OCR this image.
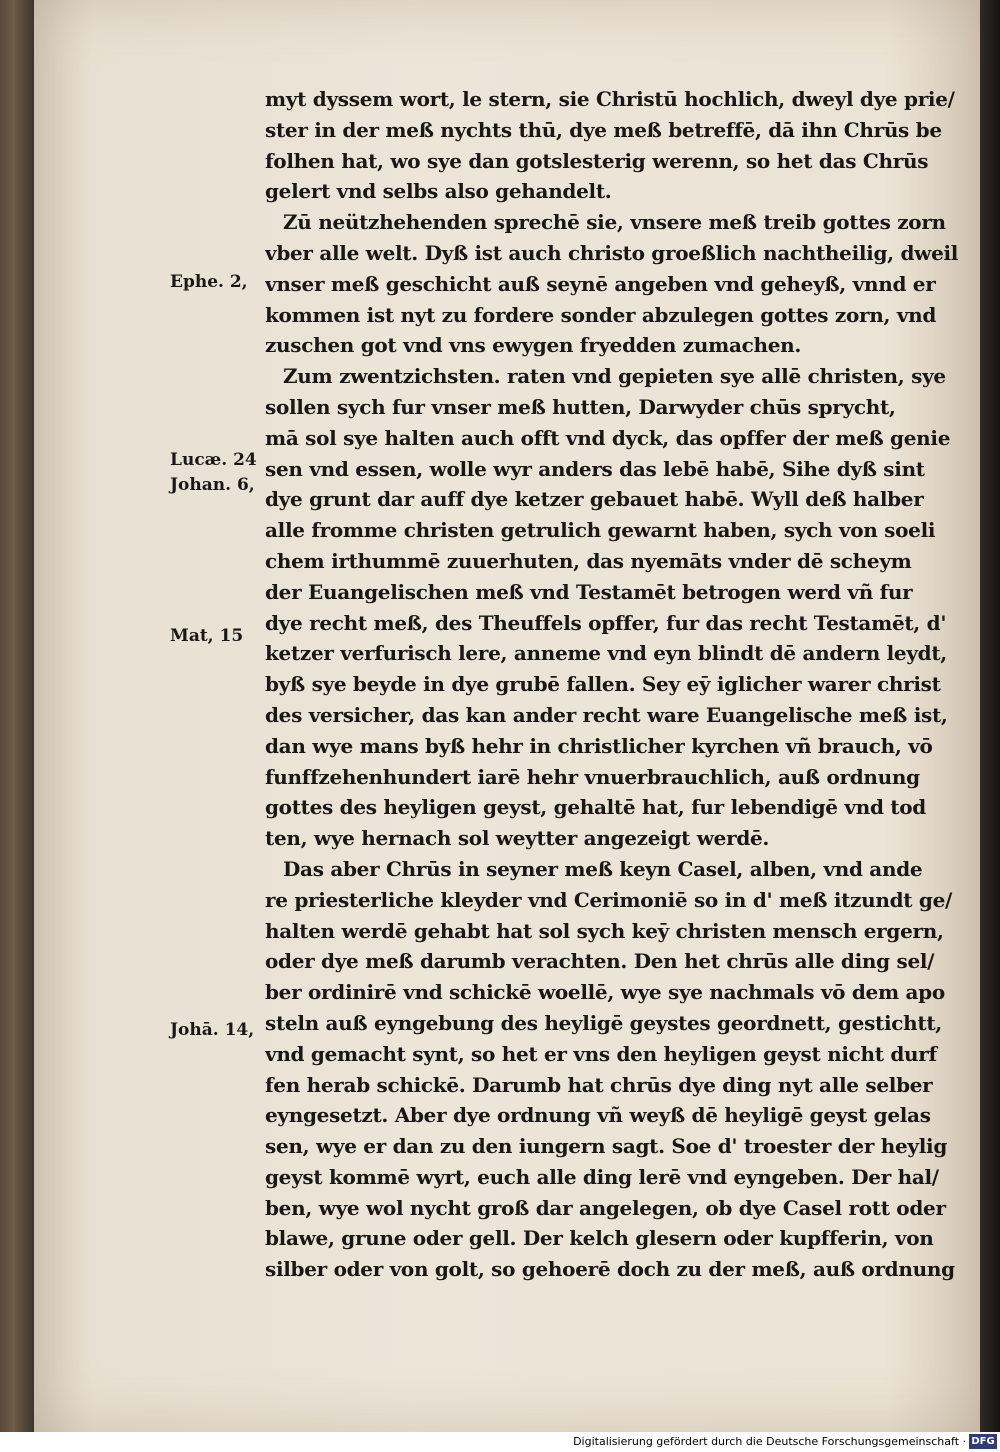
Ephe. 2,
Lucæ. 24
Johan. 6,
Mat, 15
Johā. 14,
myt dyssem wort, le stern, sie Christū hochlich, dweyl dye prie/
ster in der meß nychts thū, dye meß betreffē, dā ihn Chrūs be
folhen hat, wo sye dan gotslesterig werenn, so het das Chrūs
gelert vnd selbs also gehandelt.
Zū neützhehenden sprechē sie, vnsere meß treib gottes zorn
vber alle welt. Dyß ist auch christo groeßlich nachtheilig, dweil
vnser meß geschicht auß seynē angeben vnd geheyß, vnnd er
kommen ist nyt zu fordere sonder abzulegen gottes zorn, vnd
zuschen got vnd vns ewygen fryedden zumachen.
Zum zwentzichsten. raten vnd gepieten sye allē christen, sye
sollen sych fur vnser meß hutten, Darwyder chūs sprycht,
mā sol sye halten auch offt vnd dyck, das opffer der meß genie
sen vnd essen, wolle wyr anders das lebē habē, Sihe dyß sint
dye grunt dar auff dye ketzer gebauet habē. Wyll deß halber
alle fromme christen getrulich gewarnt haben, sych von soeli
chem irthummē zuuerhuten, das nyemāts vnder dē scheym
der Euangelischen meß vnd Testamēt betrogen werd vñ fur
dye recht meß, des Theuffels opffer, fur das recht Testamēt, d'
ketzer verfurisch lere, anneme vnd eyn blindt dē andern leydt,
byß sye beyde in dye grubē fallen. Sey eȳ iglicher warer christ
des versicher, das kan ander recht ware Euangelische meß ist,
dan wye mans byß hehr in christlicher kyrchen vñ brauch, vō
funffzehenhundert iarē hehr vnuerbrauchlich, auß ordnung
gottes des heyligen geyst, gehaltē hat, fur lebendigē vnd tod
ten, wye hernach sol weytter angezeigt werdē.
Das aber Chrūs in seyner meß keyn Casel, alben, vnd ande
re priesterliche kleyder vnd Cerimoniē so in d' meß itzundt ge/
halten werdē gehabt hat sol sych keȳ christen mensch ergern,
oder dye meß darumb verachten. Den het chrūs alle ding sel/
ber ordinirē vnd schickē woellē, wye sye nachmals vō dem apo
steln auß eyngebung des heyligē geystes geordnett, gestichtt,
vnd gemacht synt, so het er vns den heyligen geyst nicht durf
fen herab schickē. Darumb hat chrūs dye ding nyt alle selber
eyngesetzt. Aber dye ordnung vñ weyß dē heyligē geyst gelas
sen, wye er dan zu den iungern sagt. Soe d' troester der heylig
geyst kommē wyrt, euch alle ding lerē vnd eyngeben. Der hal/
ben, wye wol nycht groß dar angelegen, ob dye Casel rott oder
blawe, grune oder gell. Der kelch glesern oder kupfferin, von
silber oder von golt, so gehoerē doch zu der meß, auß ordnung
Digitalisierung gefördert durch die Deutsche Forschungsgemeinschaft · DFG
